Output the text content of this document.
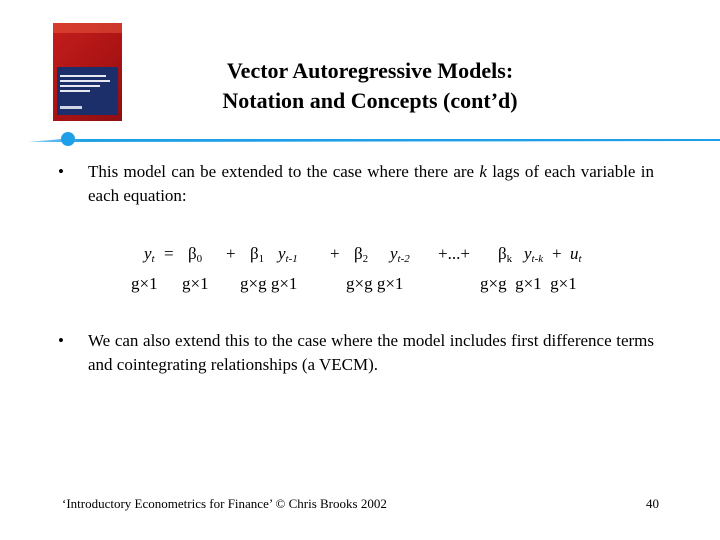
Vector Autoregressive Models:
Notation and Concepts (cont’d)
• This model can be extended to the case where there are k lags of each variable in each equation:
$y_t = \beta_0 + \beta_1$ $y_{t-1} + \beta_2$ $y_{t-2}$ +...+ $\beta_k$ $y_{t-k} + u_t$
g×1 g×1 g×g g×1	g×g g×1	g×g  g×1  g×1
• We can also extend this to the case where the model includes first difference terms and cointegrating relationships (a VECM).
‘Introductory Econometrics for Finance’ © Chris Brooks 2002	40
